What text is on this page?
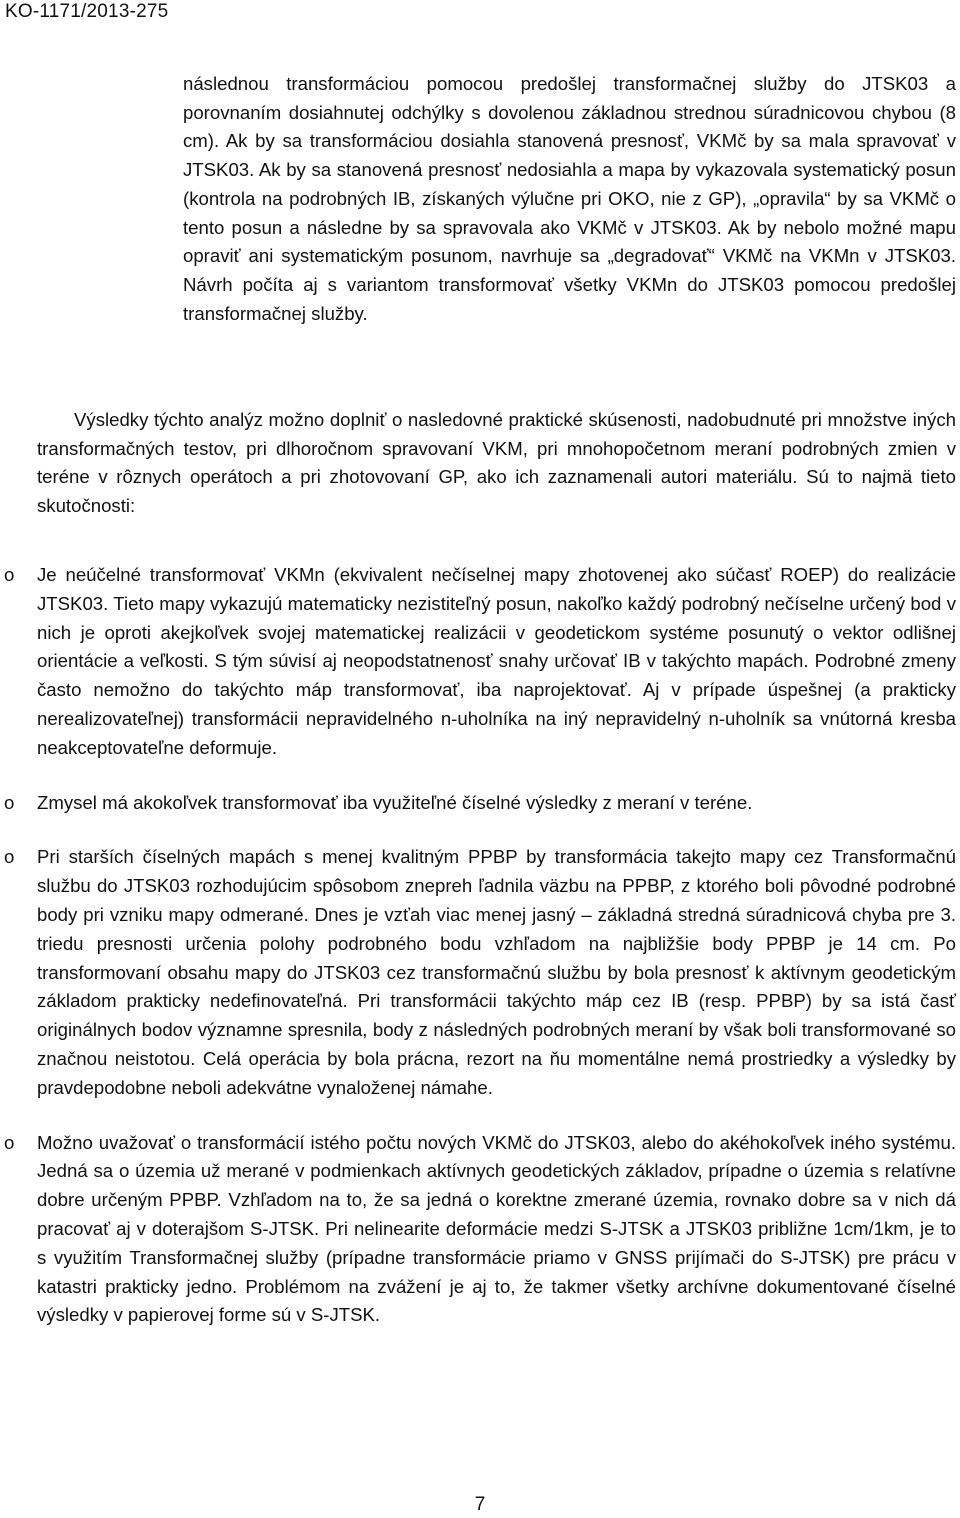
KO-1171/2013-275

následnou transformáciou pomocou predošlej transformačnej služby do JTSK03 a porovnaním dosiahnutej odchýlky s dovolenou základnou strednou súradnicovou chybou (8 cm). Ak by sa transformáciou dosiahla stanovená presnosť, VKMč by sa mala spravovať v JTSK03. Ak by sa stanovená presnosť nedosiahla a mapa by vykazovala systematický posun (kontrola na podrobných IB, získaných výlučne pri OKO, nie z GP), „opravila“ by sa VKMč o tento posun a následne by sa spravovala ako VKMč v JTSK03. Ak by nebolo možné mapu opraviť ani systematickým posunom, navrhuje sa „degradovať“ VKMč na VKMn v JTSK03. Návrh počíta aj s variantom transformovať všetky VKMn do JTSK03 pomocou predošlej transformačnej služby.

Výsledky týchto analýz možno doplniť o nasledovné praktické skúsenosti, nadobudnuté pri množstve iných transformačných testov, pri dlhoročnom spravovaní VKM, pri mnohopočetnom meraní podrobných zmien v teréne v rôznych operátoch a pri zhotovovaní GP, ako ich zaznamenali autori materiálu. Sú to najmä tieto skutočnosti:

o Je neúčelné transformovať VKMn (ekvivalent nečíselnej mapy zhotovenej ako súčasť ROEP) do realizácie JTSK03. Tieto mapy vykazujú matematicky nezistiteľný posun, nakoľko každý podrobný nečíselne určený bod v nich je oproti akejkoľvek svojej matematickej realizácii v geodetickom systéme posunutý o vektor odlišnej orientácie a veľkosti. S tým súvisí aj neopodstatnenosť snahy určovať IB v takýchto mapách. Podrobné zmeny často nemožno do takýchto máp transformovať, iba naprojektovať. Aj v prípade úspešnej (a prakticky nerealizovateľnej) transformácii nepravidelného n-uholníka na iný nepravidelný n-uholník sa vnútorná kresba neakceptovateľne deformuje.
o Zmysel má akokoľvek transformovať iba využiteľné číselné výsledky z meraní v teréne.
o Pri starších číselných mapách s menej kvalitným PPBP by transformácia takejto mapy cez Transformačnú službu do JTSK03 rozhodujúcim spôsobom znepreh ľadnila väzbu na PPBP, z ktorého boli pôvodné podrobné body pri vzniku mapy odmerané. Dnes je vzťah viac menej jasný – základná stredná súradnicová chyba pre 3. triedu presnosti určenia polohy podrobného bodu vzhľadom na najbližšie body PPBP je 14 cm. Po transformovaní obsahu mapy do JTSK03 cez transformačnú službu by bola presnosť k aktívnym geodetickým základom prakticky nedefinovateľná. Pri transformácii takýchto máp cez IB (resp. PPBP) by sa istá časť originálnych bodov významne spresnila, body z následných podrobných meraní by však boli transformované so značnou neistotou. Celá operácia by bola prácna, rezort na ňu momentálne nemá prostriedky a výsledky by pravdepodobne neboli adekvátne vynaloženej námahe.
o Možno uvažovať o transformácií istého počtu nových VKMč do JTSK03, alebo do akéhokoľvek iného systému. Jedná sa o územia už merané v podmienkach aktívnych geodetických základov, prípadne o územia s relatívne dobre určeným PPBP. Vzhľadom na to, že sa jedná o korektne zmerané územia, rovnako dobre sa v nich dá pracovať aj v doterajšom S-JTSK. Pri nelinearite deformácie medzi S-JTSK a JTSK03 približne 1cm/1km, je to s využitím Transformačnej služby (prípadne transformácie priamo v GNSS prijímači do S-JTSK) pre prácu v katastri prakticky jedno. Problémom na zvážení je aj to, že takmer všetky archívne dokumentované číselné výsledky v papierovej forme sú v S-JTSK.
7
